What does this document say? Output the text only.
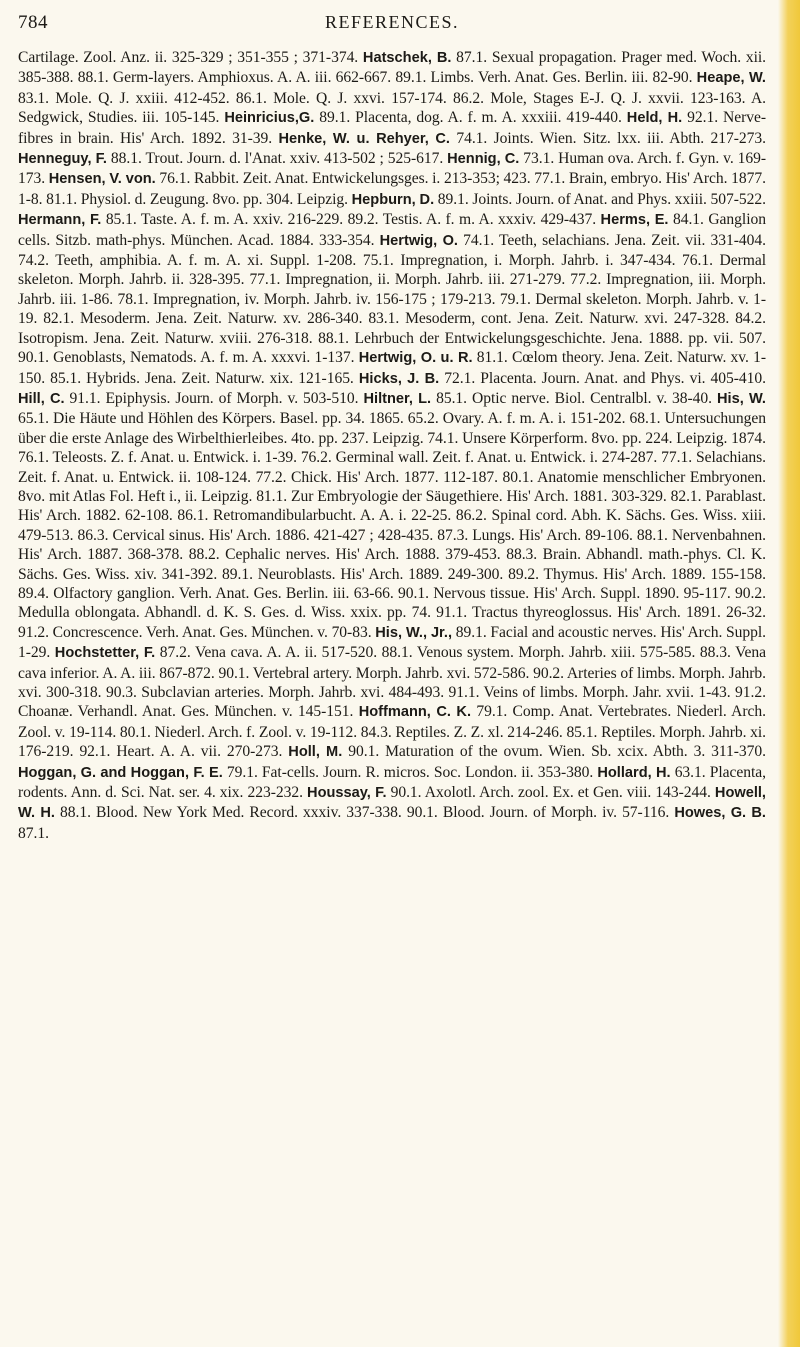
784	REFERENCES.
Cartilage. Zool. Anz. ii. 325-329 ; 351-355 ; 371-374. Hatschek, B. 87.1. Sexual propagation. Prager med. Woch. xii. 385-388. 88.1. Germ-layers. Amphioxus. A. A. iii. 662-667. 89.1. Limbs. Verh. Anat. Ges. Berlin. iii. 82-90. Heape, W. 83.1. Mole. Q. J. xxiii. 412-452. 86.1. Mole. Q. J. xxvi. 157-174. 86.2. Mole, Stages E-J. Q. J. xxvii. 123-163. A. Sedgwick, Studies. iii. 105-145. Heinricius,G. 89.1. Placenta, dog. A. f. m. A. xxxiii. 419-440. Held, H. 92.1. Nerve-fibres in brain. His' Arch. 1892. 31-39. Henke, W. u. Rehyer, C. 74.1. Joints. Wien. Sitz. lxx. iii. Abth. 217-273. Henneguy, F. 88.1. Trout. Journ. d. l'Anat. xxiv. 413-502 ; 525-617. Hennig, C. 73.1. Human ova. Arch. f. Gyn. v. 169-173. Hensen, V. von. 76.1. Rabbit. Zeit. Anat. Entwickelungsges. i. 213-353; 423. 77.1. Brain, embryo. His' Arch. 1877. 1-8. 81.1. Physiol. d. Zeugung. 8vo. pp. 304. Leipzig. Hepburn, D. 89.1. Joints. Journ. of Anat. and Phys. xxiii. 507-522. Hermann, F. 85.1. Taste. A. f. m. A. xxiv. 216-229. 89.2. Testis. A. f. m. A. xxxiv. 429-437. Herms, E. 84.1. Ganglion cells. Sitzb. math-phys. München. Acad. 1884. 333-354. Hertwig, O. 74.1. Teeth, selachians. Jena. Zeit. vii. 331-404. 74.2. Teeth, amphibia. A. f. m. A. xi. Suppl. 1-208. 75.1. Impregnation, i. Morph. Jahrb. i. 347-434. 76.1. Dermal skeleton. Morph. Jahrb. ii. 328-395. 77.1. Impregnation, ii. Morph. Jahrb. iii. 271-279. 77.2. Impregnation, iii. Morph. Jahrb. iii. 1-86. 78.1. Impregnation, iv. Morph. Jahrb. iv. 156-175 ; 179-213. 79.1. Dermal skeleton. Morph. Jahrb. v. 1-19. 82.1. Mesoderm. Jena. Zeit. Naturw. xv. 286-340. 83.1. Mesoderm, cont. Jena. Zeit. Naturw. xvi. 247-328. 84.2. Isotropism. Jena. Zeit. Naturw. xviii. 276-318. 88.1. Lehrbuch der Entwickelungsgeschichte. Jena. 1888. pp. vii. 507. 90.1. Genoblasts, Nematods. A. f. m. A. xxxvi. 1-137. Hertwig, O. u. R. 81.1. Cœlom theory. Jena. Zeit. Naturw. xv. 1-150. 85.1. Hybrids. Jena. Zeit. Naturw. xix. 121-165. Hicks, J. B. 72.1. Placenta. Journ. Anat. and Phys. vi. 405-410. Hill, C. 91.1. Epiphysis. Journ. of Morph. v. 503-510. Hiltner, L. 85.1. Optic nerve. Biol. Centralbl. v. 38-40. His, W. 65.1. Die Häute und Höhlen des Körpers. Basel. pp. 34. 1865. 65.2. Ovary. A. f. m. A. i. 151-202. 68.1. Untersuchungen über die erste Anlage des Wirbelthierleibes. 4to. pp. 237. Leipzig. 74.1. Unsere Körperform. 8vo. pp. 224. Leipzig. 1874. 76.1. Teleosts. Z. f. Anat. u. Entwick. i. 1-39. 76.2. Germinal wall. Zeit. f. Anat. u. Entwick. i. 274-287. 77.1. Selachians. Zeit. f. Anat. u. Entwick. ii. 108-124. 77.2. Chick. His' Arch. 1877. 112-187. 80.1. Anatomie menschlicher Embryonen. 8vo. mit Atlas Fol. Heft i., ii. Leipzig. 81.1. Zur Embryologie der Säugethiere. His' Arch. 1881. 303-329. 82.1. Parablast. His' Arch. 1882. 62-108. 86.1. Retromandibularbucht. A. A. i. 22-25. 86.2. Spinal cord. Abh. K. Sächs. Ges. Wiss. xiii. 479-513. 86.3. Cervical sinus. His' Arch. 1886. 421-427 ; 428-435. 87.3. Lungs. His' Arch. 89-106. 88.1. Nervenbahnen. His' Arch. 1887. 368-378. 88.2. Cephalic nerves. His' Arch. 1888. 379-453. 88.3. Brain. Abhandl. math.-phys. Cl. K. Sächs. Ges. Wiss. xiv. 341-392. 89.1. Neuroblasts. His' Arch. 1889. 249-300. 89.2. Thymus. His' Arch. 1889. 155-158. 89.4. Olfactory ganglion. Verh. Anat. Ges. Berlin. iii. 63-66. 90.1. Nervous tissue. His' Arch. Suppl. 1890. 95-117. 90.2. Medulla oblongata. Abhandl. d. K. S. Ges. d. Wiss. xxix. pp. 74. 91.1. Tractus thyreoglossus. His' Arch. 1891. 26-32. 91.2. Concrescence. Verh. Anat. Ges. München. v. 70-83. His, W., Jr., 89.1. Facial and acoustic nerves. His' Arch. Suppl. 1-29. Hochstetter, F. 87.2. Vena cava. A. A. ii. 517-520. 88.1. Venous system. Morph. Jahrb. xiii. 575-585. 88.3. Vena cava inferior. A. A. iii. 867-872. 90.1. Vertebral artery. Morph. Jahrb. xvi. 572-586. 90.2. Arteries of limbs. Morph. Jahrb. xvi. 300-318. 90.3. Subclavian arteries. Morph. Jahrb. xvi. 484-493. 91.1. Veins of limbs. Morph. Jahr. xvii. 1-43. 91.2. Choanæ. Verhandl. Anat. Ges. München. v. 145-151. Hoffmann, C. K. 79.1. Comp. Anat. Vertebrates. Niederl. Arch. Zool. v. 19-114. 80.1. Niederl. Arch. f. Zool. v. 19-112. 84.3. Reptiles. Z. Z. xl. 214-246. 85.1. Reptiles. Morph. Jahrb. xi. 176-219. 92.1. Heart. A. A. vii. 270-273. Holl, M. 90.1. Maturation of the ovum. Wien. Sb. xcix. Abth. 3. 311-370. Hoggan, G. and Hoggan, F. E. 79.1. Fat-cells. Journ. R. micros. Soc. London. ii. 353-380. Hollard, H. 63.1. Placenta, rodents. Ann. d. Sci. Nat. ser. 4. xix. 223-232. Houssay, F. 90.1. Axolotl. Arch. zool. Ex. et Gen. viii. 143-244. Howell, W. H. 88.1. Blood. New York Med. Record. xxxiv. 337-338. 90.1. Blood. Journ. of Morph. iv. 57-116. Howes, G. B. 87.1.
